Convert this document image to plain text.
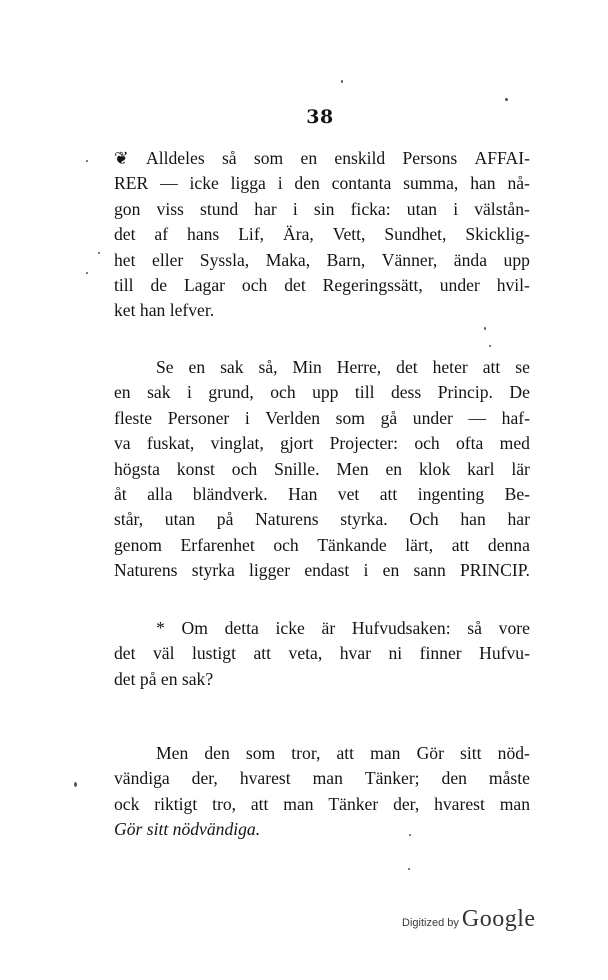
38
❦ Alldeles så som en enskild Persons AFFAI-
RER — icke ligga i den contanta summa, han nå-
gon viss stund har i sin ficka: utan i välstån-
det af hans Lif, Ära, Vett, Sundhet, Skicklig-
het eller Syssla, Maka, Barn, Vänner, ända upp
till de Lagar och det Regeringssätt, under hvil-
ket han lefver.
Se en sak så, Min Herre, det heter att se
en sak i grund, och upp till dess Princip. De
fleste Personer i Verlden som gå under — haf-
va fuskat, vinglat, gjort Projecter: och ofta med
högsta konst och Snille. Men en klok karl lär
åt alla bländverk. Han vet att ingenting Be-
står, utan på Naturens styrka. Och han har
genom Erfarenhet och Tänkande lärt, att denna
Naturens styrka ligger endast i en sann PRINCIP.
* Om detta icke är Hufvudsaken: så vore
det väl lustigt att veta, hvar ni finner Hufvu-
det på en sak?
Men den som tror, att man Gör sitt nöd-
vändiga der, hvarest man Tänker; den måste
ock riktigt tro, att man Tänker der, hvarest man
Gör sitt nödvändiga.
Digitized by Google
